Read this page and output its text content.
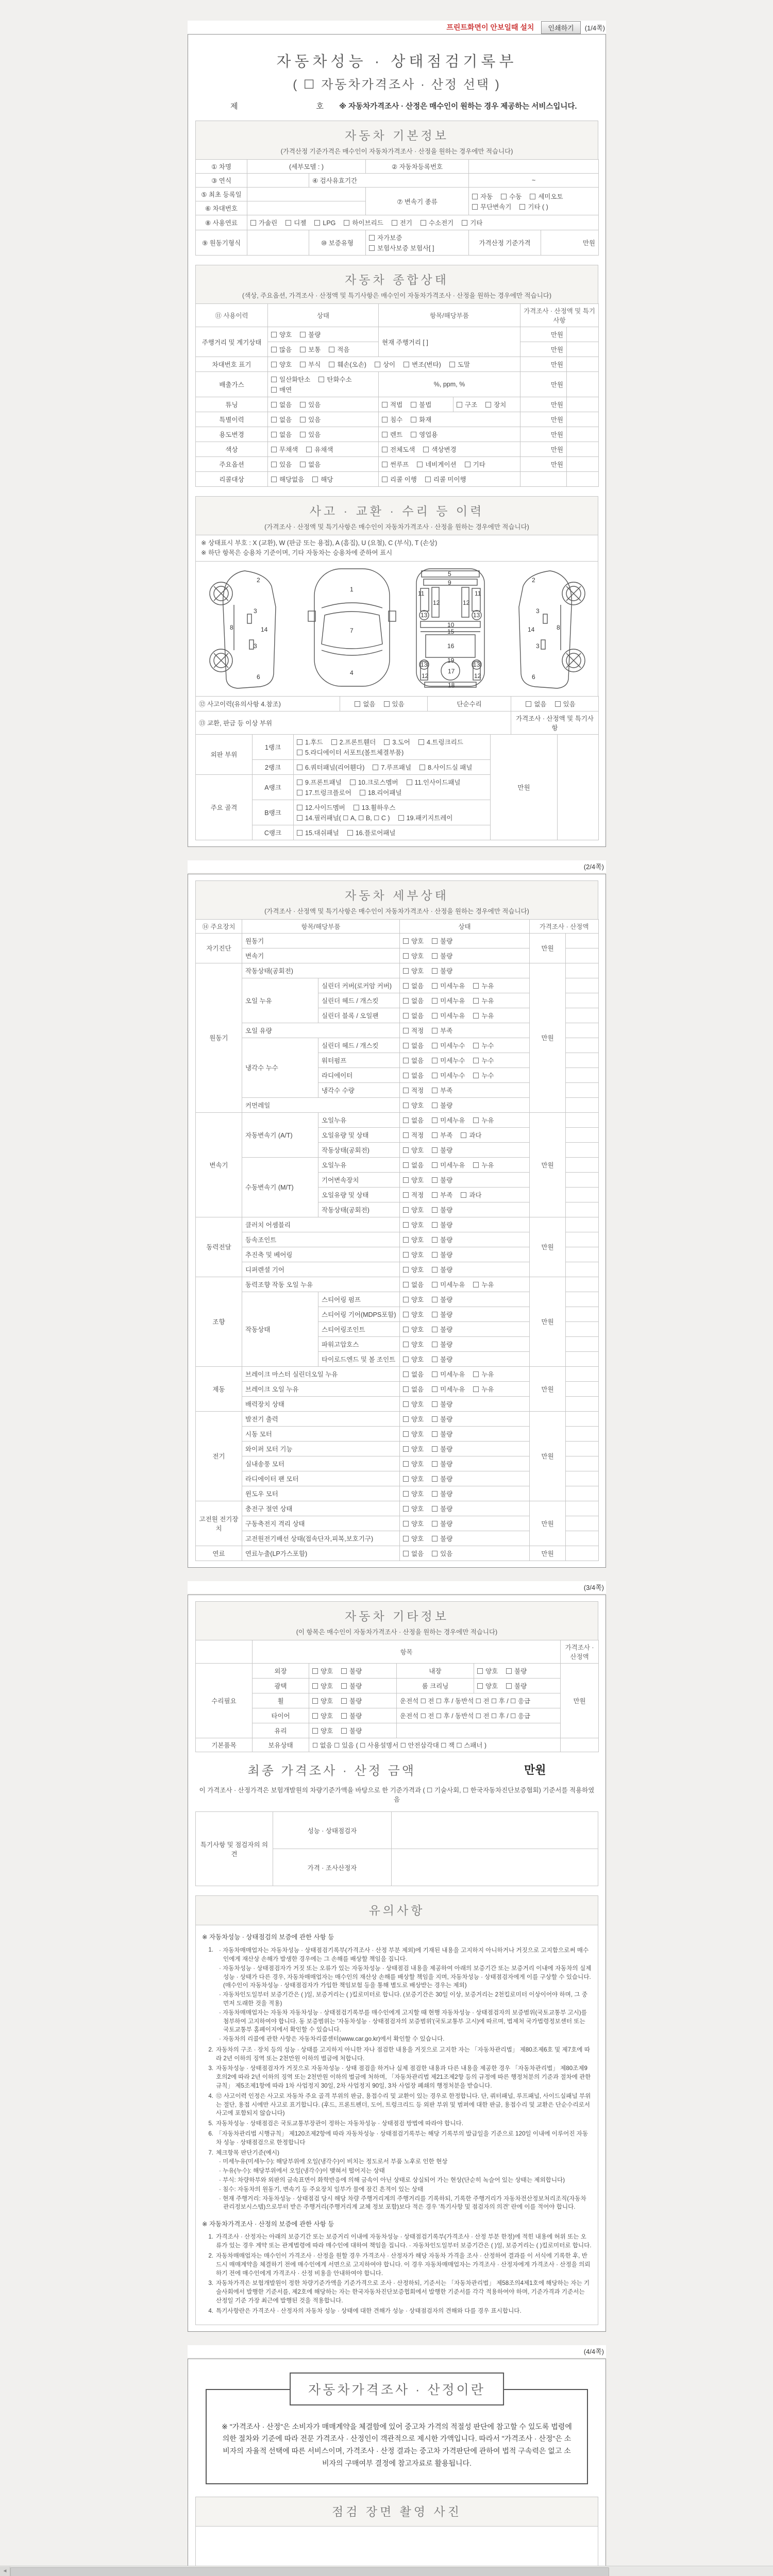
프린트화면이 안보일때 설치	인쇄하기	(1/4쪽)
자동차성능 · 상태점검기록부
( ☐ 자동차가격조사 · 산정 선택 )
제	호 ※ 자동차가격조사 · 산정은 매수인이 원하는 경우 제공하는 서비스입니다.
자동차 기본정보

(가격산정 기준가격은 매수인이 자동차가격조사 · 산정을 원하는 경우에만 적습니다)

① 차명	(세부모델 : )		② 자동차등록번호		
③ 연식		④ 검사유효기간		~	
⑤ 최초 등록일			⑦ 변속기 종류	자동 수동 세미오토무단변속기 기타 ( )	
⑥ 차대번호					
⑧ 사용연료	가솔린 디젤 LPG 하이브리드 전기 수소전기 기타				
⑨ 원동기형식		⑩ 보증유형	자가보증보험사보증 보험사[ ]	가격산정 기준가격	만원
자동차 종합상태

(색상, 주요옵션, 가격조사 · 산정액 및 특기사항은 매수인이 자동차가격조사 · 산정을 원하는 경우에만 적습니다)

⑪ 사용이력	상태	항목/해당부품		가격조사 · 산정액 및 특기사항	
주행거리 및 계기상태	양호 불량	현재 주행거리 [ ]		만원	
	많음 보통 적음			만원	
차대번호 표기	양호 부식 훼손(오손) 상이 변조(변타) 도말			만원	
배출가스	일산화탄소 탄화수소매연	%, ppm, %		만원	
튜닝	없음 있음	적법 불법	구조 장치	만원	
특별이력	없음 있음	침수 화재		만원	
용도변경	없음 있음	렌트 영업용		만원	
색상	무채색 유채색	전체도색 색상변경		만원	
주요옵션	있음 없음	썬루프 네비게이션 기타		만원	
리콜대상	해당없음 해당	리콜 이행 리콜 미이행			
사고 · 교환 · 수리 등 이력

(가격조사 · 산정액 및 특기사항은 매수인이 자동차가격조사 · 산정을 원하는 경우에만 적습니다)

※ 상태표시 부호 : X (교환), W (판금 또는 용접), A (흠집), U (요철), C (부식), T (손상)
※ 하단 항목은 승용차 기준이며, 기타 자동차는 승용차에 준하여 표시
2
3
8	14
3
6
1
7
4
5
9
11	11
12	12
13	13
10
15
16
19
13	13
12	12
17
18
2
3
8
14
3
6
⑫ 사고이력(유의사항 4.참조)	없음 있음	단순수리	없음 있음
⑬ 교환, 판금 등 이상 부위			가격조사 · 산정액 및 특기사항
외판 부위	1랭크	1.후드 2.프론트휀더 3.도어 4.트렁크리드5.라디에이터 서포트(볼트체결부품)	만원	
	2랭크	6.쿼터패널(리어휀다) 7.루프패널 8.사이드실 패널		
주요 골격	A랭크	9.프론트패널 10.크로스멤버 11.인사이드패널17.트렁크플로어 18.리어패널		
	B랭크	12.사이드멤버 13.휠하우스14.필러패널( ☐ A, ☐ B, ☐ C ) 19.패키지트레이		
	C랭크	15.대쉬패널 16.플로어패널		
(2/4쪽)
자동차 세부상태

(가격조사 · 산정액 및 특기사항은 매수인이 자동차가격조사 · 산정을 원하는 경우에만 적습니다)

⑭ 주요장치	항목/해당부품		상태	가격조사 · 산정액	
자기진단	원동기		양호 불량	만원	
	변속기		양호 불량		
원동기	작동상태(공회전)		양호 불량	만원	
	오일 누유	실린더 커버(로커암 커버)	없음 미세누유 누유		
		실린더 헤드 / 개스킷	없음 미세누유 누유		
		실린더 블록 / 오일팬	없음 미세누유 누유		
	오일 유량		적정 부족		
	냉각수 누수	실린더 헤드 / 개스킷	없음 미세누수 누수		
		워터펌프	없음 미세누수 누수		
		라디에이터	없음 미세누수 누수		
		냉각수 수량	적정 부족		
	커먼레일		양호 불량		
변속기	자동변속기 (A/T)	오일누유	없음 미세누유 누유	만원	
		오일유량 및 상태	적정 부족 과다		
		작동상태(공회전)	양호 불량		
	수동변속기 (M/T)	오일누유	없음 미세누유 누유		
		기어변속장치	양호 불량		
		오일유량 및 상태	적정 부족 과다		
		작동상태(공회전)	양호 불량		
동력전달	클러치 어셈블리		양호 불량	만원	
	등속조인트		양호 불량		
	추진축 및 베어링		양호 불량		
	디퍼렌셜 기어		양호 불량		
조향	동력조향 작동 오일 누유		없음 미세누유 누유	만원	
	작동상태	스티어링 펌프	양호 불량		
		스티어링 기어(MDPS포함)	양호 불량		
		스티어링조인트	양호 불량		
		파워고압호스	양호 불량		
		타이로드엔드 및 볼 조인트	양호 불량		
제동	브레이크 마스터 실린더오일 누유		없음 미세누유 누유	만원	
	브레이크 오일 누유		없음 미세누유 누유		
	배력장치 상태		양호 불량		
전기	발전기 출력		양호 불량	만원	
	시동 모터		양호 불량		
	와이퍼 모터 기능		양호 불량		
	실내송풍 모터		양호 불량		
	라디에이터 팬 모터		양호 불량		
	윈도우 모터		양호 불량		
고전원 전기장치	충전구 절연 상태		양호 불량	만원	
	구동축전지 격리 상태		양호 불량		
	고전원전기배선 상태(접속단자,피복,보호기구)		양호 불량		
연료	연료누출(LP가스포함)		없음 있음	만원	
(3/4쪽)
자동차 기타정보

(이 항목은 매수인이 자동차가격조사 · 산정을 원하는 경우에만 적습니다)

	항목				가격조사 · 산정액
수리필요	외장	양호 불량	내장	양호 불량	만원
	광택	양호 불량	룸 크리닝	양호 불량	
	휠	양호 불량	운전석 ☐ 전 ☐ 후 / 동반석 ☐ 전 ☐ 후 / ☐ 응급		
	타이어	양호 불량	운전석 ☐ 전 ☐ 후 / 동반석 ☐ 전 ☐ 후 / ☐ 응급		
	유리	양호 불량			
기본품목	보유상태	☐ 없음 ☐ 있음 ( ☐ 사용설명서 ☐ 안전삼각대 ☐ 잭 ☐ 스패너 )			
최종 가격조사 · 산정 금액	만원
이 가격조사 · 산정가격은 보험개발원의 차량기준가액을 바탕으로 한 기준가격과 ( ☐ 기술사회, ☐ 한국자동차진단보증협회) 기준서를 적용하였음
특기사항 및 점검자의 의견	성능 · 상태점검자	
	가격 · 조사산정자	
유의사항
※ 자동차성능 · 상태점검의 보증에 관한 사항 등
1. · 자동차매매업자는 자동차성능 · 상태점검기록부(가격조사 · 산정 부분 제외)에 기재된 내용을 고지하지 아니하거나 거짓으로 고지함으로써 매수인에게 재산상 손해가 발생한 경우에는 그 손해를 배상할 책임을 집니다.
· 자동차성능 · 상태점검자가 거짓 또는 오류가 있는 자동차성능 · 상태점검 내용을 제공하여 아래의 보증기간 또는 보증거리 이내에 자동차의 실제 성능 · 상태가 다른 경우, 자동차매매업자는 매수인의 재산상 손해를 배상할 책임을 지며, 자동차성능 · 상태점검자에게 이를 구상할 수 있습니다.(매수인이 자동차성능 · 상태점검자가 가입한 책임보험 등을 통해 별도로 배상받는 경우는 제외)
· 자동차인도일부터 보증기간은 ( )일, 보증거리는 ( )킬로미터로 합니다. (보증기간은 30일 이상, 보증거리는 2천킬로미터 이상이어야 하며, 그 중 먼저 도래한 것을 적용)
· 자동차매매업자는 자동차 자동차성능 · 상태점검기록부를 매수인에게 고지할 때 현행 자동차성능 · 상태점검자의 보증범위(국토교통부 고시)를 첨부하여 고지하여야 합니다. 동 보증범위는 '자동차성능 · 상태점검자의 보증범위'(국토교통부 고시)에 따르며, 법제처 국가법령정보센터 또는 국토교통부 홈페이지에서 확인할 수 있습니다.
· 자동차의 리콜에 관한 사항은 자동차리콜센터(www.car.go.kr)에서 확인할 수 있습니다.
2. 자동차의 구조 · 장치 등의 성능 · 상태를 고지하지 아니한 자나 점검한 내용을 거짓으로 고지한 자는 「자동차관리법」 제80조제6호 및 제7호에 따라 2년 이하의 징역 또는 2천만원 이하의 벌금에 처합니다.
3. 자동차성능 · 상태점검자가 거짓으로 자동차성능 · 상태 점검을 하거나 실제 점검한 내용과 다른 내용을 제공한 경우 「자동차관리법」 제80조제9호의2에 따라 2년 이하의 징역 또는 2천만원 이하의 벌금에 처하며, 「자동차관리법 제21조제2항 등의 규정에 따른 행정처분의 기준과 절차에 관한 규칙」 제5조제1항에 따라 1차 사업정지 30일, 2차 사업정지 90일, 3차 사업장 폐쇄의 행정처분을 받습니다.
4. ⑫ 사고이력 인정은 사고로 자동차 주요 골격 부위의 판금, 용접수리 및 교환이 있는 경우로 한정합니다. 단, 쿼터패널, 루프패널, 사이드실패널 부위는 절단, 용접 시에만 사고로 표기합니다. (후드, 프론트펜더, 도어, 트렁크리드 등 외판 부위 및 범퍼에 대한 판금, 용접수리 및 교환은 단순수리로서 사고에 포함되지 않습니다)
5. 자동차성능 · 상태점검은 국토교통부장관이 정하는 자동차성능 · 상태점검 방법에 따라야 합니다.
6. 「자동차관리법 시행규칙」 제120조제2항에 따라 자동차성능 · 상태점검기록부는 해당 기록부의 발급일을 기준으로 120일 이내에 이루어진 자동차 성능 · 상태점검으로 한정합니다
7. 체크항목 판단기준(예시)
· 미세누유(미세누수): 해당부위에 오일(냉각수)이 비치는 정도로서 부품 노후로 인한 현상
· 누유(누수): 해당부위에서 오일(냉각수)이 맺혀서 떨어지는 상태
· 부식: 차량하부와 외판의 금속표면이 화학반응에 의해 금속이 아닌 상태로 상실되어 가는 현상(단순히 녹슬어 있는 상태는 제외합니다)
· 침수: 자동차의 원동기, 변속기 등 주요장치 일부가 물에 잠긴 흔적이 있는 상태
· 현재 주행거리: 자동차성능 · 상태점검 당시 해당 차량 주행거리계의 주행거리를 기록하되, 기록한 주행거리가 자동차전산정보처리조직(자동차관리정보시스템)으로부터 받은 주행거리(주행거리계 교체 정보 포함)보다 적은 경우 '특기사항 및 점검자의 의견' 란에 이를 적어야 합니다.
※ 자동차가격조사 · 산정의 보증에 관한 사항 등
1. 가격조사 · 산정자는 아래의 보증기간 또는 보증거리 이내에 자동차성능 · 상태점검기록부(가격조사 · 산정 부분 한정)에 적힌 내용에 허위 또는 오류가 있는 경우 계약 또는 관계법령에 따라 매수인에 대하여 책임을 집니다. · 자동차인도일부터 보증기간은 ( )일, 보증거리는 ( )킬로미터로 합니다.
2. 자동차매매업자는 매수인이 가격조사 · 산정을 원할 경우 가격조사 · 산정자가 해당 자동차 가격을 조사 · 산정하여 결과를 이 서식에 기록한 후, 반드시 매매계약을 체결하기 전에 매수인에게 서면으로 고지하여야 합니다. 이 경우 자동차매매업자는 가격조사 · 산정자에게 가격조사 · 산정을 의뢰하기 전에 매수인에게 가격조사 · 산정 비용을 안내하여야 합니다.
3. 자동차가격은 보험개발원이 정한 차량기준가액을 기준가격으로 조사 · 산정하되, 기준서는 「자동차관리법」 제58조의4제1호에 해당하는 자는 기술사회에서 발행한 기준서를, 제2호에 해당하는 자는 한국자동차진단보증협회에서 발행한 기준서를 각각 적용하여야 하며, 기준가격과 기준서는 산정일 기준 가장 최근에 발행된 것을 적용합니다.
4. 특기사항란은 가격조사 · 산정자의 자동차 성능 · 상태에 대한 견해가 성능 · 상태점검자의 견해와 다를 경우 표시합니다.
(4/4쪽)
자동차가격조사 · 산정이란
※ "가격조사 · 산정"은 소비자가 매매계약을 체결함에 있어 중고차 가격의 적절성 판단에 참고할 수 있도록 법령에 의한 절차와 기준에 따라 전문 가격조사 · 산정인이 객관적으로 제시한 가액입니다. 따라서 "가격조사 · 산정"은 소비자의 자율적 선택에 따른 서비스이며, 가격조사 · 산정 결과는 중고차 가격판단에 관하여 법적 구속력은 없고 소비자의 구매여부 결정에 참고자료로 활용됩니다.
점검 장면 촬영 사진
◄
